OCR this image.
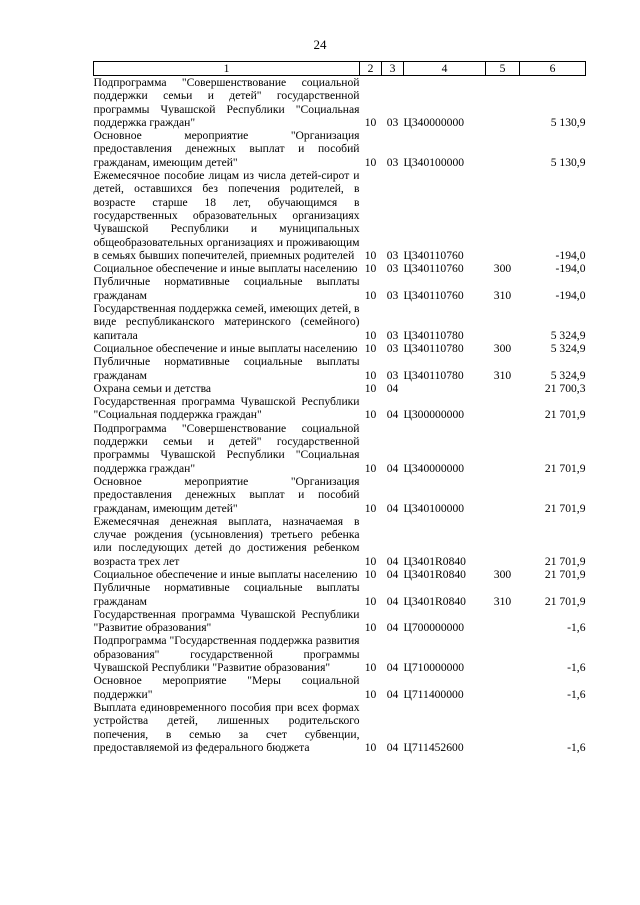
24
1	2	3	4	5	6
Подпрограмма "Совершенствование социальной поддержки семьи и детей" государственной программы Чувашской Республики "Социальная поддержка граждан"	10	03	Ц340000000		5 130,9
Основное мероприятие "Организация предоставления денежных выплат и пособий гражданам, имеющим детей"	10	03	Ц340100000		5 130,9
Ежемесячное пособие лицам из числа детей-сирот и детей, оставшихся без попечения родителей, в возрасте старше 18 лет, обучающимся в государственных образовательных организациях Чувашской Республики и муниципальных общеобразовательных организациях и проживающим в семьях бывших попечителей, приемных родителей	10	03	Ц340110760		-194,0
Социальное обеспечение и иные выплаты населению	10	03	Ц340110760	300	-194,0
Публичные нормативные социальные выплаты гражданам	10	03	Ц340110760	310	-194,0
Государственная поддержка семей, имеющих детей, в виде республиканского материнского (семейного) капитала	10	03	Ц340110780		5 324,9
Социальное обеспечение и иные выплаты населению	10	03	Ц340110780	300	5 324,9
Публичные нормативные социальные выплаты гражданам	10	03	Ц340110780	310	5 324,9
Охрана семьи и детства	10	04			21 700,3
Государственная программа Чувашской Республики "Социальная поддержка граждан"	10	04	Ц300000000		21 701,9
Подпрограмма "Совершенствование социальной поддержки семьи и детей" государственной программы Чувашской Республики "Социальная поддержка граждан"	10	04	Ц340000000		21 701,9
Основное мероприятие "Организация предоставления денежных выплат и пособий гражданам, имеющим детей"	10	04	Ц340100000		21 701,9
Ежемесячная денежная выплата, назначаемая в случае рождения (усыновления) третьего ребенка или последующих детей до достижения ребенком возраста трех лет	10	04	Ц3401R0840		21 701,9
Социальное обеспечение и иные выплаты населению	10	04	Ц3401R0840	300	21 701,9
Публичные нормативные социальные выплаты гражданам	10	04	Ц3401R0840	310	21 701,9
Государственная программа Чувашской Республики "Развитие образования"	10	04	Ц700000000		-1,6
Подпрограмма "Государственная поддержка развития образования" государственной программы Чувашской Республики "Развитие образования"	10	04	Ц710000000		-1,6
Основное мероприятие "Меры социальной поддержки"	10	04	Ц711400000		-1,6
Выплата единовременного пособия при всех формах устройства детей, лишенных родительского попечения, в семью за счет субвенции, предоставляемой из федерального бюджета	10	04	Ц711452600		-1,6
